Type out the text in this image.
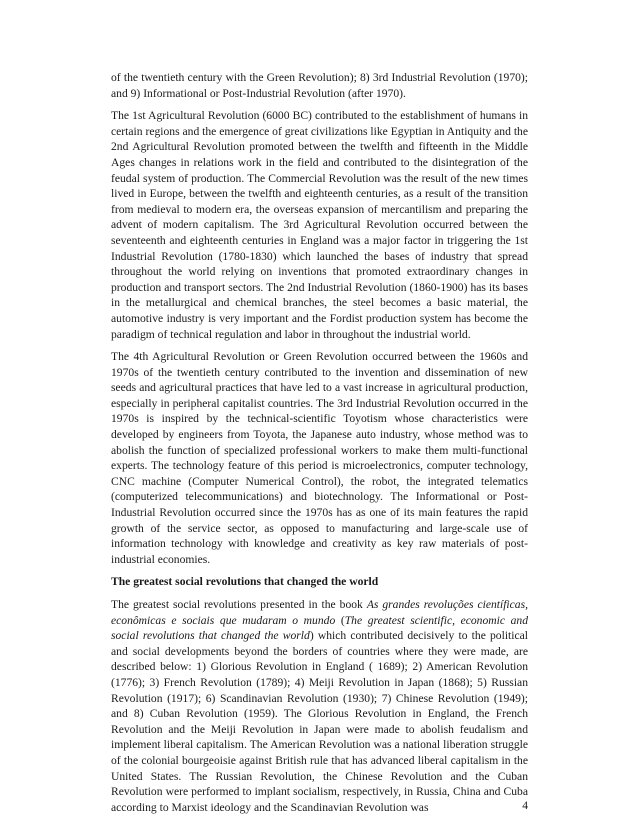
of the twentieth century with the Green Revolution); 8) 3rd Industrial Revolution (1970); and 9) Informational or Post-Industrial Revolution (after 1970).

The 1st Agricultural Revolution (6000 BC) contributed to the establishment of humans in certain regions and the emergence of great civilizations like Egyptian in Antiquity and the 2nd Agricultural Revolution promoted between the twelfth and fifteenth in the Middle Ages changes in relations work in the field and contributed to the disintegration of the feudal system of production. The Commercial Revolution was the result of the new times lived in Europe, between the twelfth and eighteenth centuries, as a result of the transition from medieval to modern era, the overseas expansion of mercantilism and preparing the advent of modern capitalism. The 3rd Agricultural Revolution occurred between the seventeenth and eighteenth centuries in England was a major factor in triggering the 1st Industrial Revolution (1780-1830) which launched the bases of industry that spread throughout the world relying on inventions that promoted extraordinary changes in production and transport sectors. The 2nd Industrial Revolution (1860-1900) has its bases in the metallurgical and chemical branches, the steel becomes a basic material, the automotive industry is very important and the Fordist production system has become the paradigm of technical regulation and labor in throughout the industrial world.

The 4th Agricultural Revolution or Green Revolution occurred between the 1960s and 1970s of the twentieth century contributed to the invention and dissemination of new seeds and agricultural practices that have led to a vast increase in agricultural production, especially in peripheral capitalist countries. The 3rd Industrial Revolution occurred in the 1970s is inspired by the technical-scientific Toyotism whose characteristics were developed by engineers from Toyota, the Japanese auto industry, whose method was to abolish the function of specialized professional workers to make them multi-functional experts. The technology feature of this period is microelectronics, computer technology, CNC machine (Computer Numerical Control), the robot, the integrated telematics (computerized telecommunications) and biotechnology. The Informational or Post-Industrial Revolution occurred since the 1970s has as one of its main features the rapid growth of the service sector, as opposed to manufacturing and large-scale use of information technology with knowledge and creativity as key raw materials of post-industrial economies.

The greatest social revolutions that changed the world

The greatest social revolutions presented in the book As grandes revoluções científicas, econômicas e sociais que mudaram o mundo (The greatest scientific, economic and social revolutions that changed the world) which contributed decisively to the political and social developments beyond the borders of countries where they were made, are described below: 1) Glorious Revolution in England ( 1689); 2) American Revolution (1776); 3) French Revolution (1789); 4) Meiji Revolution in Japan (1868); 5) Russian Revolution (1917); 6) Scandinavian Revolution (1930); 7) Chinese Revolution (1949); and 8) Cuban Revolution (1959). The Glorious Revolution in England, the French Revolution and the Meiji Revolution in Japan were made to abolish feudalism and implement liberal capitalism. The American Revolution was a national liberation struggle of the colonial bourgeoisie against British rule that has advanced liberal capitalism in the United States. The Russian Revolution, the Chinese Revolution and the Cuban Revolution were performed to implant socialism, respectively, in Russia, China and Cuba according to Marxist ideology and the Scandinavian Revolution was	4
